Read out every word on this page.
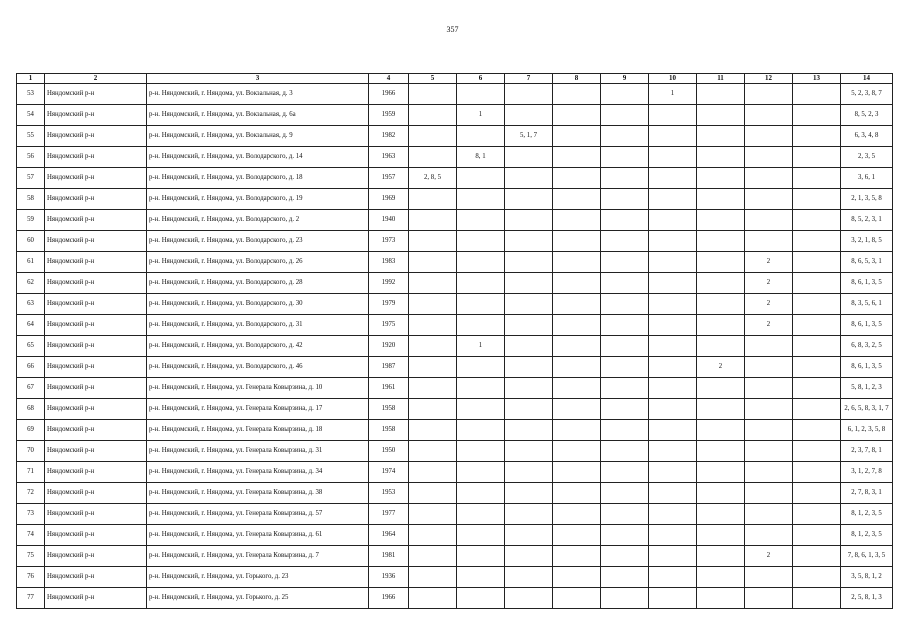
357
1	2	3	4	5	6	7	8	9	10	11	12	13	14
53	Няндомский р-н	р-н. Няндомский, г. Няндома, ул. Вокзальная, д. 3	1966						1				5, 2, 3, 8, 7
54	Няндомский р-н	р-н. Няндомский, г. Няндома, ул. Вокзальная, д. 6а	1959		1								8, 5, 2, 3
55	Няндомский р-н	р-н. Няндомский, г. Няндома, ул. Вокзальная, д. 9	1982			5, 1, 7							6, 3, 4, 8
56	Няндомский р-н	р-н. Няндомский, г. Няндома, ул. Володарского, д. 14	1963		8, 1								2, 3, 5
57	Няндомский р-н	р-н. Няндомский, г. Няндома, ул. Володарского, д. 18	1957	2, 8, 5									3, 6, 1
58	Няндомский р-н	р-н. Няндомский, г. Няндома, ул. Володарского, д. 19	1969										2, 1, 3, 5, 8
59	Няндомский р-н	р-н. Няндомский, г. Няндома, ул. Володарского, д. 2	1940										8, 5, 2, 3, 1
60	Няндомский р-н	р-н. Няндомский, г. Няндома, ул. Володарского, д. 23	1973										3, 2, 1, 8, 5
61	Няндомский р-н	р-н. Няндомский, г. Няндома, ул. Володарского, д. 26	1983								2		8, 6, 5, 3, 1
62	Няндомский р-н	р-н. Няндомский, г. Няндома, ул. Володарского, д. 28	1992								2		8, 6, 1, 3, 5
63	Няндомский р-н	р-н. Няндомский, г. Няндома, ул. Володарского, д. 30	1979								2		8, 3, 5, 6, 1
64	Няндомский р-н	р-н. Няндомский, г. Няндома, ул. Володарского, д. 31	1975								2		8, 6, 1, 3, 5
65	Няндомский р-н	р-н. Няндомский, г. Няндома, ул. Володарского, д. 42	1920		1								6, 8, 3, 2, 5
66	Няндомский р-н	р-н. Няндомский, г. Няндома, ул. Володарского, д. 46	1987							2			8, 6, 1, 3, 5
67	Няндомский р-н	р-н. Няндомский, г. Няндома, ул. Генерала Ковырзина, д. 10	1961										5, 8, 1, 2, 3
68	Няндомский р-н	р-н. Няндомский, г. Няндома, ул. Генерала Ковырзина, д. 17	1958										2, 6, 5, 8, 3, 1, 7
69	Няндомский р-н	р-н. Няндомский, г. Няндома, ул. Генерала Ковырзина, д. 18	1958										6, 1, 2, 3, 5, 8
70	Няндомский р-н	р-н. Няндомский, г. Няндома, ул. Генерала Ковырзина, д. 31	1950										2, 3, 7, 8, 1
71	Няндомский р-н	р-н. Няндомский, г. Няндома, ул. Генерала Ковырзина, д. 34	1974										3, 1, 2, 7, 8
72	Няндомский р-н	р-н. Няндомский, г. Няндома, ул. Генерала Ковырзина, д. 38	1953										2, 7, 8, 3, 1
73	Няндомский р-н	р-н. Няндомский, г. Няндома, ул. Генерала Ковырзина, д. 57	1977										8, 1, 2, 3, 5
74	Няндомский р-н	р-н. Няндомский, г. Няндома, ул. Генерала Ковырзина, д. 61	1964										8, 1, 2, 3, 5
75	Няндомский р-н	р-н. Няндомский, г. Няндома, ул. Генерала Ковырзина, д. 7	1981								2		7, 8, 6, 1, 3, 5
76	Няндомский р-н	р-н. Няндомский, г. Няндома, ул. Горького, д. 23	1936										3, 5, 8, 1, 2
77	Няндомский р-н	р-н. Няндомский, г. Няндома, ул. Горького, д. 25	1966										2, 5, 8, 1, 3
